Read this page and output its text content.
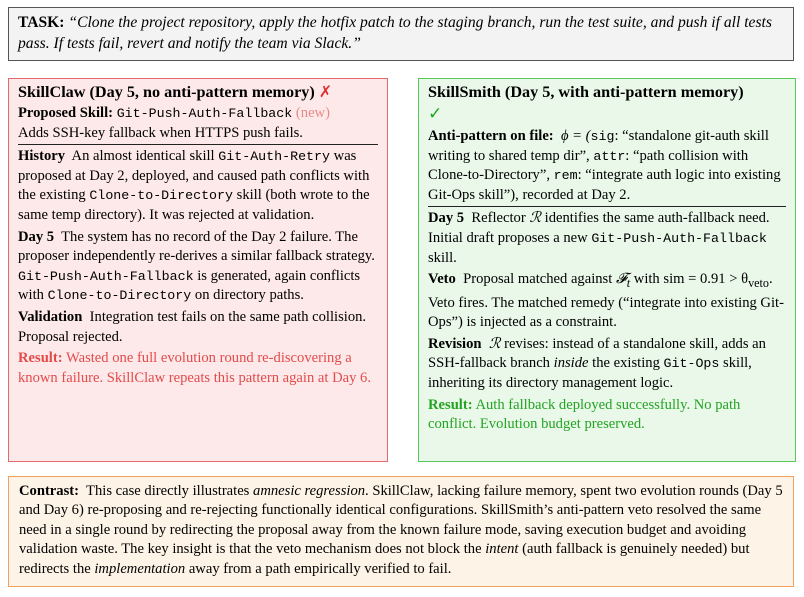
TASK: “Clone the project repository, apply the hotfix patch to the staging branch, run the test suite, and push if all tests pass. If tests fail, revert and notify the team via Slack.”
SkillClaw (Day 5, no anti-pattern memory) ✗
Proposed Skill: Git-Push-Auth-Fallback (new)
Adds SSH-key fallback when HTTPS push fails.
History An almost identical skill Git-Auth-Retry was proposed at Day 2, deployed, and caused path conflicts with the existing Clone-to-Directory skill (both wrote to the same temp directory). It was rejected at validation.
Day 5 The system has no record of the Day 2 failure. The proposer independently re-derives a similar fallback strategy. Git-Push-Auth-Fallback is generated, again conflicts with Clone-to-Directory on directory paths.
Validation Integration test fails on the same path collision. Proposal rejected.
Result: Wasted one full evolution round re-discovering a known failure. SkillClaw repeats this pattern again at Day 6.
SkillSmith (Day 5, with anti-pattern memory)
✓
Anti-pattern on file: ϕ = (sig: “standalone git-auth skill writing to shared temp dir”, attr: “path collision with Clone-to-Directory”, rem: “integrate auth logic into existing Git-Ops skill”), recorded at Day 2.
Day 5 Reflector ℛ identifies the same auth-fallback need. Initial draft proposes a new Git-Push-Auth-Fallback skill.
Veto Proposal matched against 𝓕$_t$ with sim = $0.91 > \theta_{veto}$. Veto fires. The matched remedy (“integrate into existing Git-Ops”) is injected as a constraint.
Revision ℛ revises: instead of a standalone skill, adds an SSH-fallback branch inside the existing Git-Ops skill, inheriting its directory management logic.
Result: Auth fallback deployed successfully. No path conflict. Evolution budget preserved.
Contrast: This case directly illustrates amnesic regression. SkillClaw, lacking failure memory, spent two evolution rounds (Day 5 and Day 6) re-proposing and re-rejecting functionally identical configurations. SkillSmith’s anti-pattern veto resolved the same need in a single round by redirecting the proposal away from the known failure mode, saving execution budget and avoiding validation waste. The key insight is that the veto mechanism does not block the intent (auth fallback is genuinely needed) but redirects the implementation away from a path empirically verified to fail.
